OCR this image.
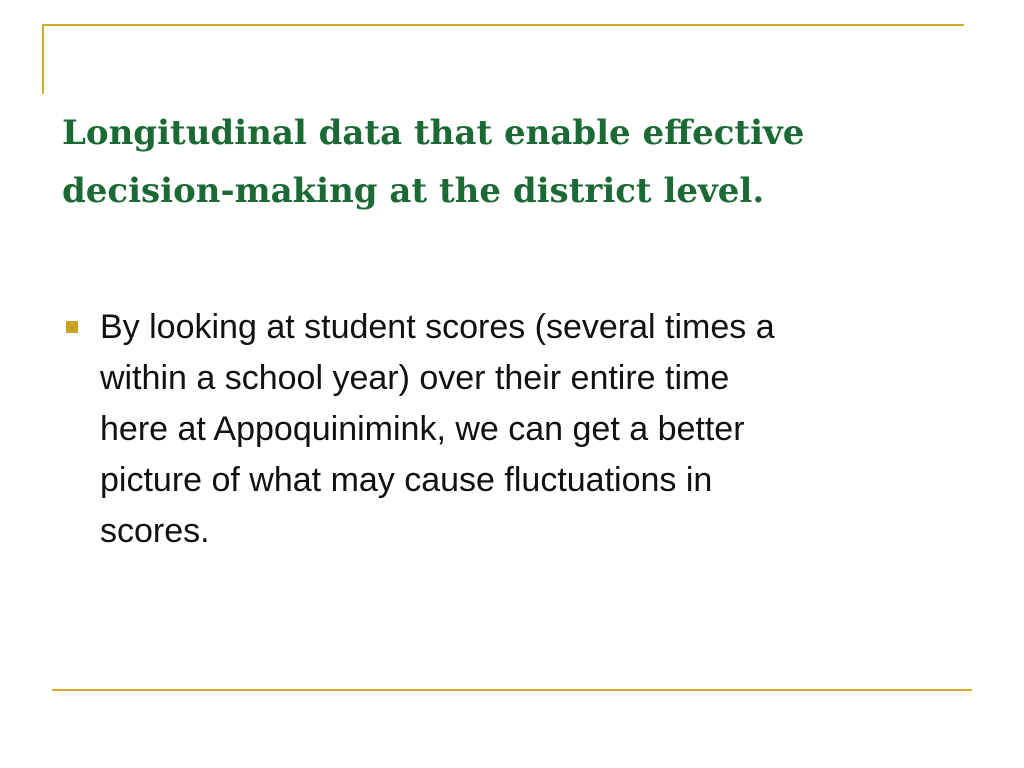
Longitudinal data that enable effective
decision-making at the district level.
By looking at student scores (several times a
within a school year) over their entire time
here at Appoquinimink, we can get a better
picture of what may cause fluctuations in
scores.
